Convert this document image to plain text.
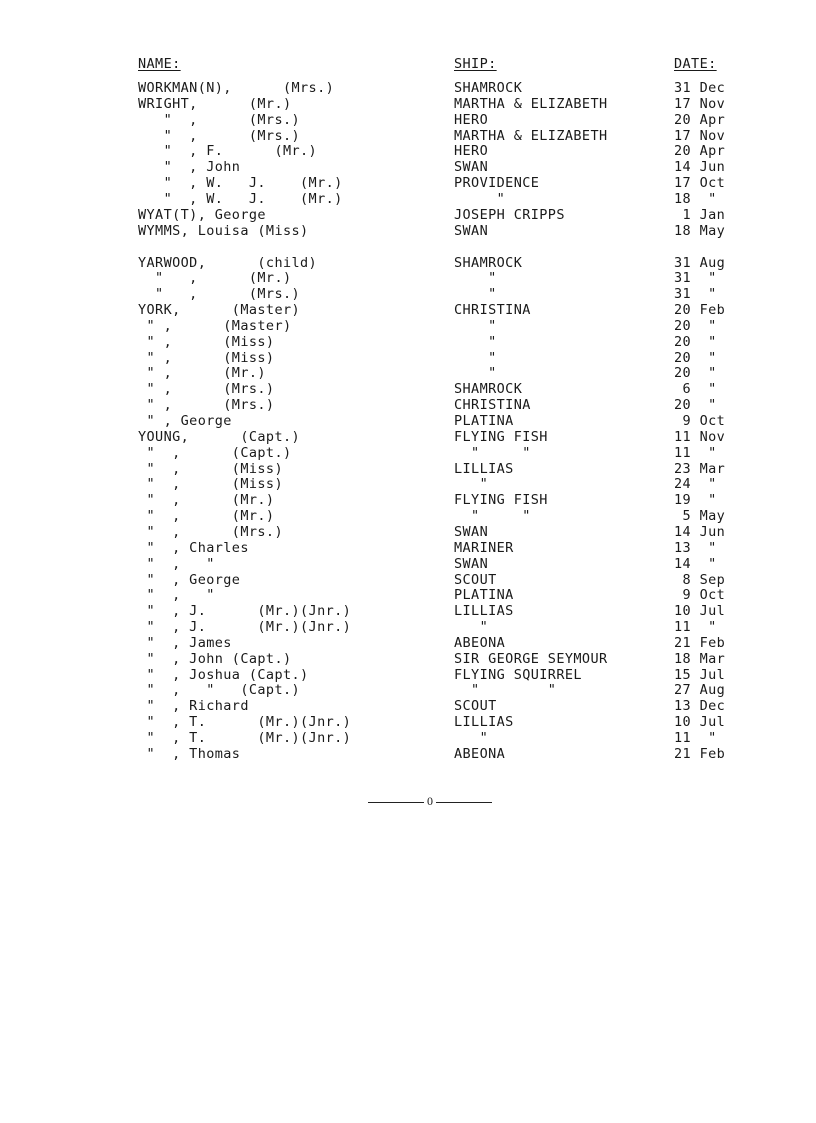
NAME:	SHIP:	DATE:
WORKMAN(N),      (Mrs.)	SHAMROCK	31 Dec
WRIGHT,      (Mr.)	MARTHA & ELIZABETH	17 Nov
"  ,      (Mrs.)	HERO	20 Apr
"  ,      (Mrs.)	MARTHA & ELIZABETH	17 Nov
"  , F.      (Mr.)	HERO	20 Apr
"  , John	SWAN	14 Jun
"  , W.   J.    (Mr.)	PROVIDENCE	17 Oct
"  , W.   J.    (Mr.)	"	18  "
WYAT(T), George	JOSEPH CRIPPS	1 Jan
WYMMS, Louisa (Miss)	SWAN	18 May
YARWOOD,      (child)	SHAMROCK	31 Aug
"   ,      (Mr.)	"	31  "
"   ,      (Mrs.)	"	31  "
YORK,      (Master)	CHRISTINA	20 Feb
" ,      (Master)	"	20  "
" ,      (Miss)	"	20  "
" ,      (Miss)	"	20  "
" ,      (Mr.)	"	20  "
" ,      (Mrs.)	SHAMROCK	6  "
" ,      (Mrs.)	CHRISTINA	20  "
" , George	PLATINA	9 Oct
YOUNG,      (Capt.)	FLYING FISH	11 Nov
"  ,      (Capt.)	"     "	11  "
"  ,      (Miss)	LILLIAS	23 Mar
"  ,      (Miss)	"	24  "
"  ,      (Mr.)	FLYING FISH	19  "
"  ,      (Mr.)	"     "	5 May
"  ,      (Mrs.)	SWAN	14 Jun
"  , Charles	MARINER	13  "
"  ,   "	SWAN	14  "
"  , George	SCOUT	8 Sep
"  ,   "	PLATINA	9 Oct
"  , J.      (Mr.)(Jnr.)	LILLIAS	10 Jul
"  , J.      (Mr.)(Jnr.)	"	11  "
"  , James	ABEONA	21 Feb
"  , John (Capt.)	SIR GEORGE SEYMOUR	18 Mar
"  , Joshua (Capt.)	FLYING SQUIRREL	15 Jul
"  ,   "   (Capt.)	"        "	27 Aug
"  , Richard	SCOUT	13 Dec
"  , T.      (Mr.)(Jnr.)	LILLIAS	10 Jul
"  , T.      (Mr.)(Jnr.)	"	11  "
"  , Thomas	ABEONA	21 Feb
0
